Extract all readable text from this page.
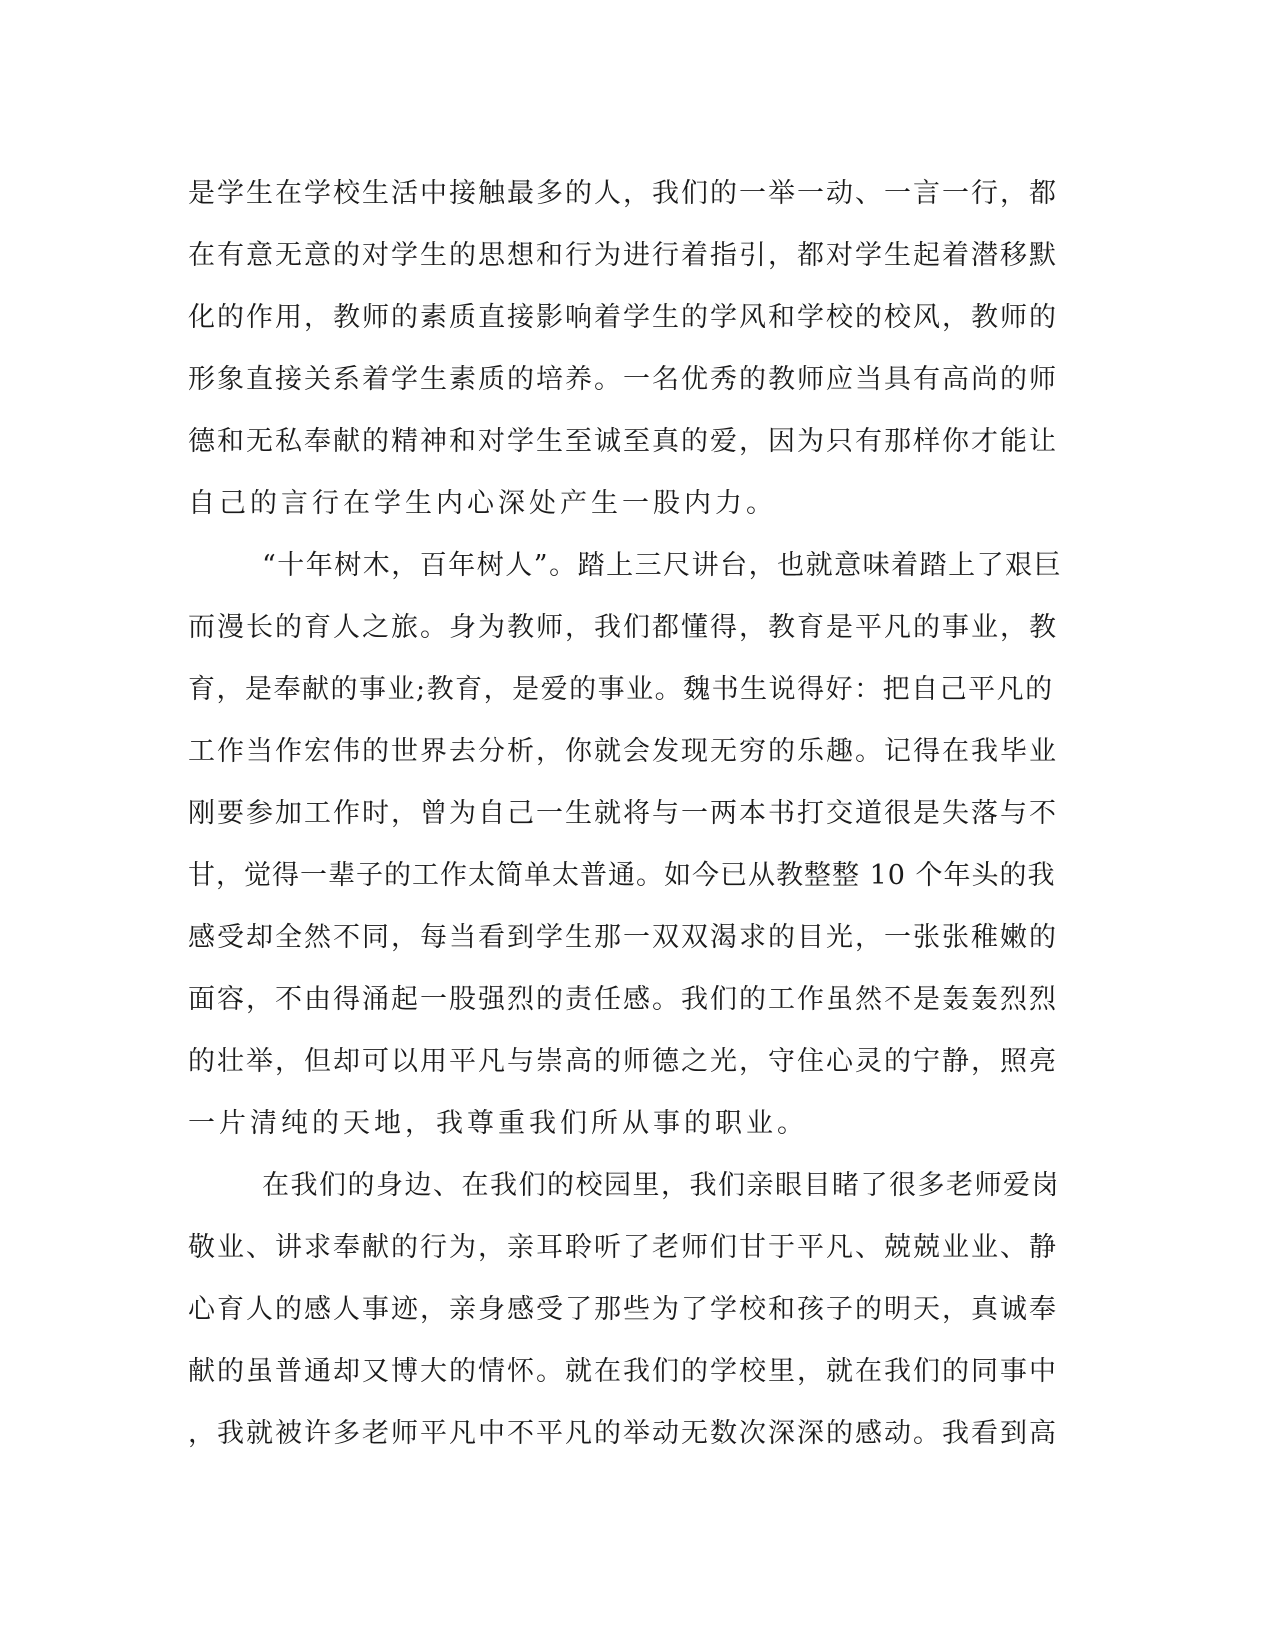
是学生在学校生活中接触最多的人，我们的一举一动、一言一行，都
在有意无意的对学生的思想和行为进行着指引，都对学生起着潜移默
化的作用，教师的素质直接影响着学生的学风和学校的校风，教师的
形象直接关系着学生素质的培养。一名优秀的教师应当具有高尚的师
德和无私奉献的精神和对学生至诚至真的爱，因为只有那样你才能让
自己的言行在学生内心深处产生一股内力。
“十年树木，百年树人”。踏上三尺讲台，也就意味着踏上了艰巨
而漫长的育人之旅。身为教师，我们都懂得，教育是平凡的事业，教
育，是奉献的事业;教育，是爱的事业。魏书生说得好：把自己平凡的
工作当作宏伟的世界去分析，你就会发现无穷的乐趣。记得在我毕业
刚要参加工作时，曾为自己一生就将与一两本书打交道很是失落与不
甘，觉得一辈子的工作太简单太普通。如今已从教整整 10 个年头的我
感受却全然不同，每当看到学生那一双双渴求的目光，一张张稚嫩的
面容，不由得涌起一股强烈的责任感。我们的工作虽然不是轰轰烈烈
的壮举，但却可以用平凡与崇高的师德之光，守住心灵的宁静，照亮
一片清纯的天地，我尊重我们所从事的职业。
在我们的身边、在我们的校园里，我们亲眼目睹了很多老师爱岗
敬业、讲求奉献的行为，亲耳聆听了老师们甘于平凡、兢兢业业、静
心育人的感人事迹，亲身感受了那些为了学校和孩子的明天，真诚奉
献的虽普通却又博大的情怀。就在我们的学校里，就在我们的同事中
，我就被许多老师平凡中不平凡的举动无数次深深的感动。我看到高
